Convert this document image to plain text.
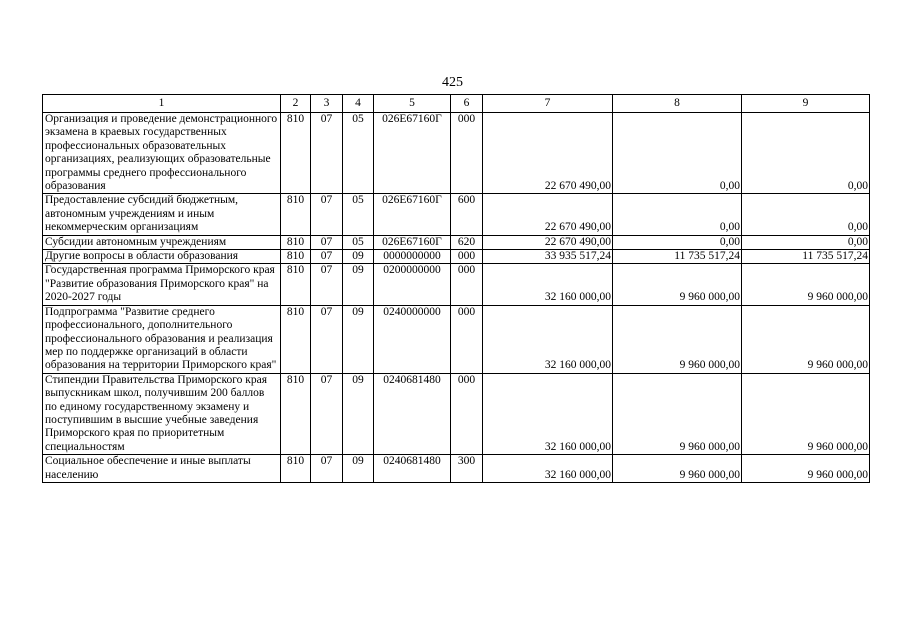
425
1	2	3	4	5	6	7	8	9
Организация и проведение демонстрационного экзамена в краевых государственных профессиональных образовательных организациях, реализующих образовательные программы среднего профессионального образования	810	07	05	026Е67160Г	000	22 670 490,00	0,00	0,00
Предоставление субсидий бюджетным, автономным учреждениям и иным некоммерческим организациям	810	07	05	026Е67160Г	600	22 670 490,00	0,00	0,00
Субсидии автономным учреждениям	810	07	05	026Е67160Г	620	22 670 490,00	0,00	0,00
Другие вопросы в области образования	810	07	09	0000000000	000	33 935 517,24	11 735 517,24	11 735 517,24
Государственная программа Приморского края "Развитие образования Приморского края" на 2020-2027 годы	810	07	09	0200000000	000	32 160 000,00	9 960 000,00	9 960 000,00
Подпрограмма "Развитие среднего профессионального, дополнительного профессионального образования и реализация мер по поддержке организаций в области образования на территории Приморского края"	810	07	09	0240000000	000	32 160 000,00	9 960 000,00	9 960 000,00
Стипендии Правительства Приморского края выпускникам школ, получившим 200 баллов по единому государственному экзамену и поступившим в высшие учебные заведения Приморского края по приоритетным специальностям	810	07	09	0240681480	000	32 160 000,00	9 960 000,00	9 960 000,00
Социальное обеспечение и иные выплаты населению	810	07	09	0240681480	300	32 160 000,00	9 960 000,00	9 960 000,00
